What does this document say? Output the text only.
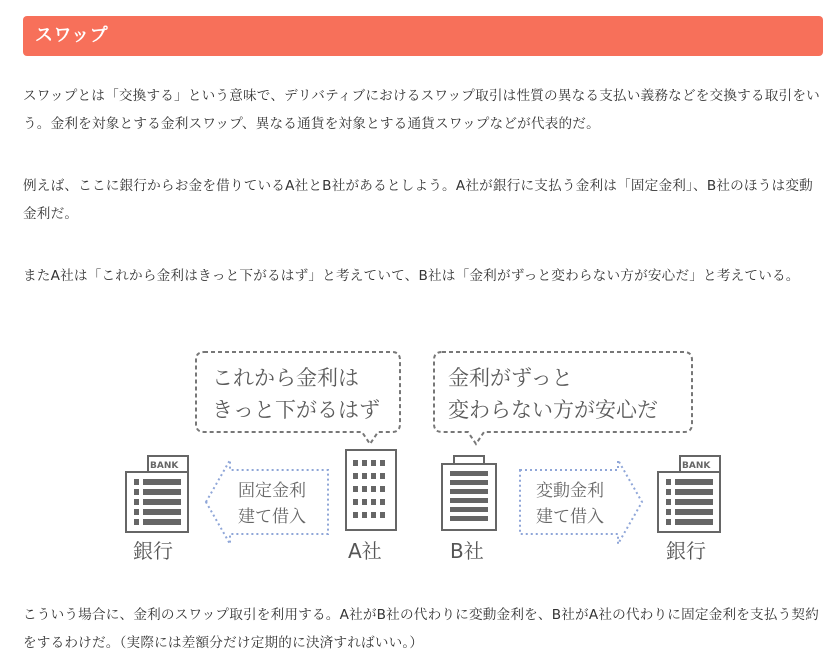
スワップ

スワップとは「交換する」という意味で、デリバティブにおけるスワップ取引は性質の異なる支払い義務などを交換する取引をいう。金利を対象とする金利スワップ、異なる通貨を対象とする通貨スワップなどが代表的だ。

例えば、ここに銀行からお金を借りているA社とB社があるとしよう。A社が銀行に支払う金利は「固定金利」、B社のほうは変動金利だ。

またA社は「これから金利はきっと下がるはず」と考えていて、B社は「金利がずっと変わらない方が安心だ」と考えている。

これから金利は
きっと下がるはず
金利がずっと
変わらない方が安心だ
BANK
銀行
固定金利
建て借入
A社	B社
変動金利
建て借入
BANK
銀行

こういう場合に、金利のスワップ取引を利用する。A社がB社の代わりに変動金利を、B社がA社の代わりに固定金利を支払う契約をするわけだ。（実際には差額分だけ定期的に決済すればいい。）
